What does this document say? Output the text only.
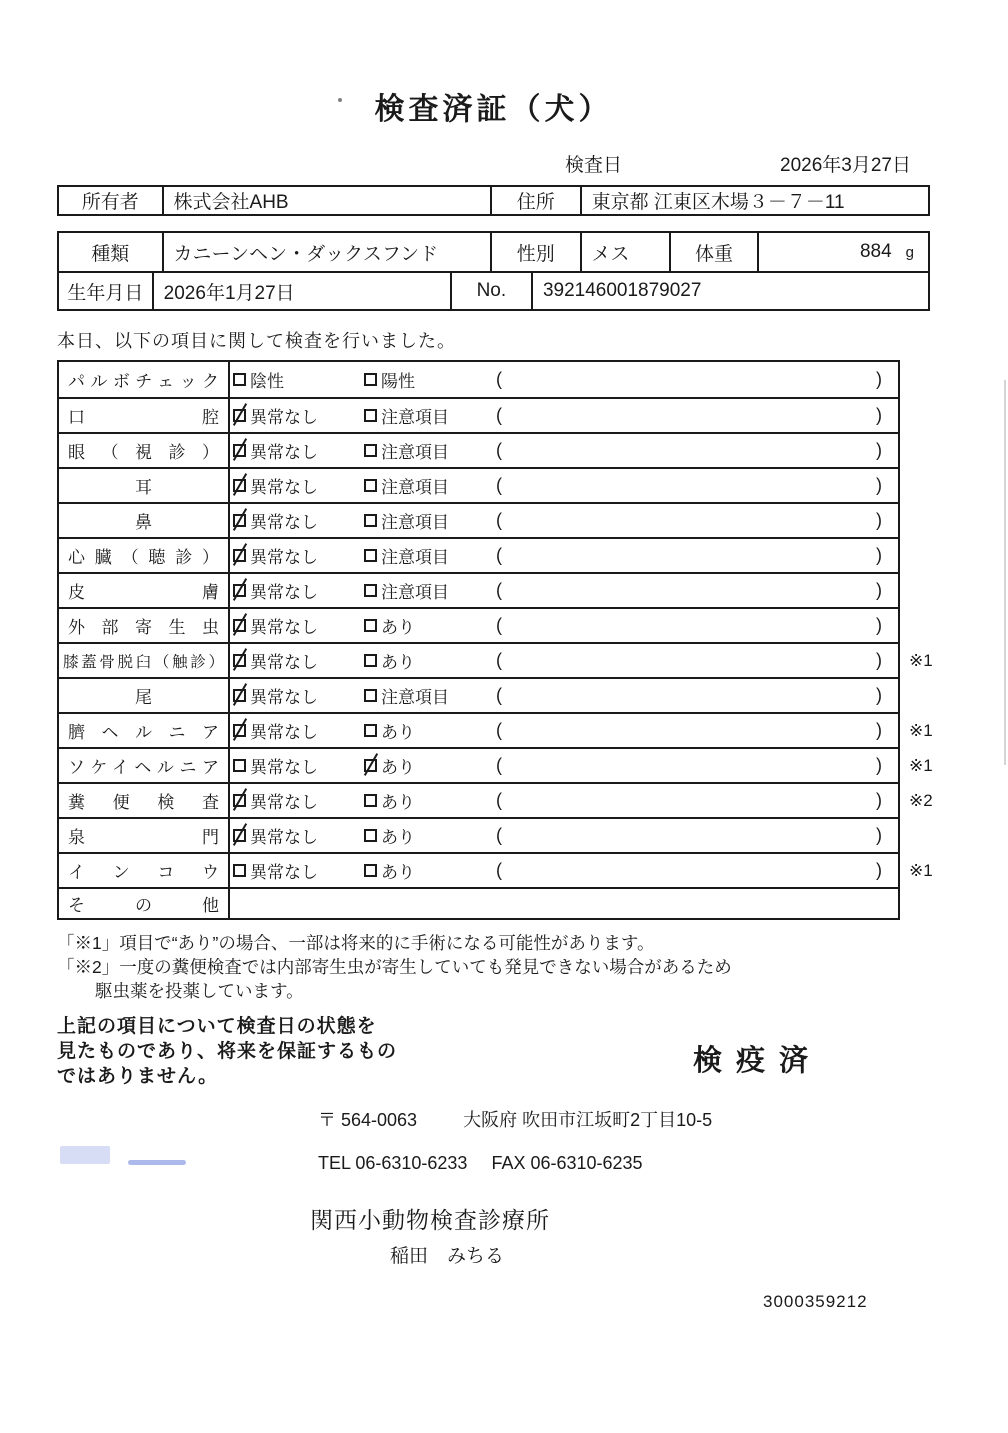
検査済証（犬）
検査日	2026年3月27日
所有者	株式会社AHB	住所	東京都 江東区木場３－７－11
種類	カニーンヘン・ダックスフンド	性別	メス	体重	884 g
生年月日	2026年1月27日	No.	392146001879027
本日、以下の項目に関して検査を行いました。
パルボチェック 陰性	陽性	(	)
口腔 異常なし	注意項目	(	)
眼（視診） 異常なし	注意項目	(	)
耳	異常なし	注意項目	(	)
鼻	異常なし	注意項目	(	)
心臓（聴診） 異常なし	注意項目	(	)
皮膚 異常なし	注意項目	(	)
外部寄生虫 異常なし	あり	(	)
膝蓋骨脱臼（触診） 異常なし	あり	(	) ※1
尾	異常なし	注意項目	(	)
臍ヘルニア 異常なし	あり	(	) ※1
ソケイヘルニア 異常なし	あり	(	) ※1
糞便検査 異常なし	あり	(	) ※2
泉門 異常なし	あり	(	)
インコウ 異常なし	あり	(	) ※1
その他
「※1」項目で“あり”の場合、一部は将来的に手術になる可能性があります。
「※2」一度の糞便検査では内部寄生虫が寄生していても発見できない場合があるため
駆虫薬を投薬しています。
上記の項目について検査日の状態を
見たものであり、将来を保証するもの
ではありません。	検疫済
〒 564-0063	大阪府 吹田市江坂町2丁目10-5
TEL 06-6310-6233 FAX 06-6310-6235
関西小動物検査診療所
稲田　みちる
3000359212
